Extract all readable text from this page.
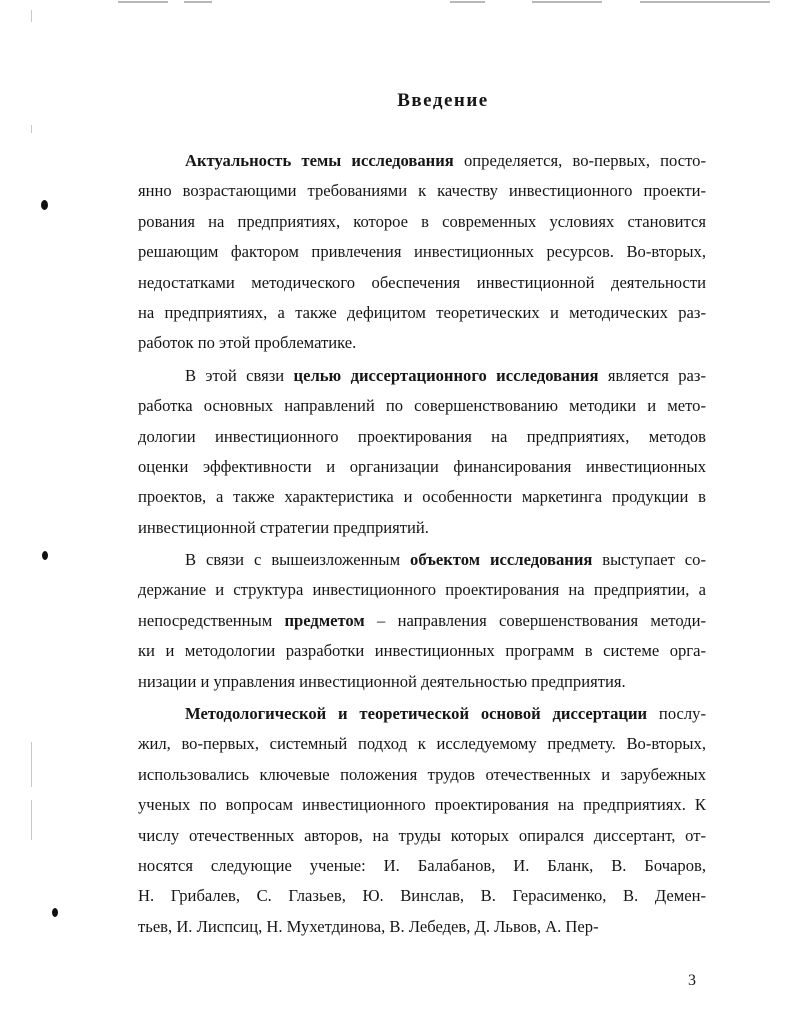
Введение
Актуальность темы исследования определяется, во-первых, посто-
янно возрастающими требованиями к качеству инвестиционного проекти-
рования на предприятиях, которое в современных условиях становится
решающим фактором привлечения инвестиционных ресурсов. Во-вторых,
недостатками методического обеспечения инвестиционной деятельности
на предприятиях, а также дефицитом теоретических и методических раз-
работок по этой проблематике.
В этой связи целью диссертационного исследования является раз-
работка основных направлений по совершенствованию методики и мето-
дологии инвестиционного проектирования на предприятиях, методов
оценки эффективности и организации финансирования инвестиционных
проектов, а также характеристика и особенности маркетинга продукции в
инвестиционной стратегии предприятий.
В связи с вышеизложенным объектом исследования выступает со-
держание и структура инвестиционного проектирования на предприятии, а
непосредственным предметом – направления совершенствования методи-
ки и методологии разработки инвестиционных программ в системе орга-
низации и управления инвестиционной деятельностью предприятия.
Методологической и теоретической основой диссертации послу-
жил, во-первых, системный подход к исследуемому предмету. Во-вторых,
использовались ключевые положения трудов отечественных и зарубежных
ученых по вопросам инвестиционного проектирования на предприятиях. К
числу отечественных авторов, на труды которых опирался диссертант, от-
носятся следующие ученые: И. Балабанов, И. Бланк, В. Бочаров,
Н. Грибалев, С. Глазьев, Ю. Винслав, В. Герасименко, В. Демен-
тьев, И. Лиспсиц, Н. Мухетдинова, В. Лебедев, Д. Львов, А. Пер-
3
